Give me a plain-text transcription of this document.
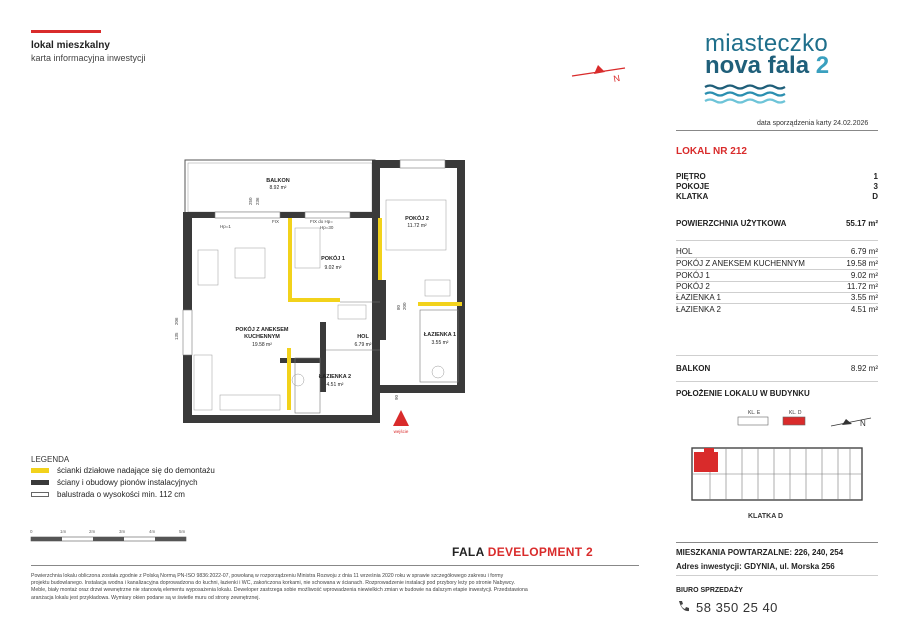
lokal mieszkalny
karta informacyjna inwestycji
N
miasteczko
nova fala 2
data sporządzenia karty 24.02.2026
LOKAL NR 212
PIĘTRO	1
POKOJE	3
KLATKA	D
POWIERZCHNIA UŻYTKOWA	55.17 m²
HOL	6.79 m²
POKÓJ Z ANEKSEM KUCHENNYM	19.58 m²
POKÓJ 1	9.02 m²
POKÓJ 2	11.72 m²
ŁAZIENKA 1	3.55 m²
ŁAZIENKA 2	4.51 m²
BALKON	8.92 m²
POŁOŻENIE LOKALU W BUDYNKU
N
KL. E	KL. D
KLATKA D
MIESZKANIA POWTARZALNE: 226, 240, 254
Adres inwestycji: GDYNIA, ul. Morska 256
BIURO SPRZEDAŻY
58 350 25 40
BALKON
8.92 m²
POKÓJ 1
9.02 m²
POKÓJ 2
11.72 m²
POKÓJ Z ANEKSEM
KUCHENNYM
19.58 m²
HOL
6.79 m²
ŁAZIENKA 1
3.55 m²
ŁAZIENKA 2
4.51 m²
FIX	FIX do Hp=
Hp=1	Hp=30
250 236
135
206
80 200
90
wejście
LEGENDA
ścianki działowe nadające się do demontażu
ściany i obudowy pionów instalacyjnych
balustrada o wysokości min. 112 cm
0	1m	2m	3m	4m	5m
FALA DEVELOPMENT 2
Powierzchnia lokalu obliczona została zgodnie z Polską Normą PN-ISO 9836:2022-07, powołaną w rozporządzeniu Ministra Rozwoju z dnia 11 września 2020 roku w sprawie szczegółowego zakresu i formy
projektu budowlanego. Instalacja wodna i kanalizacyjna doprowadzona do kuchni, łazienki i WC, zakończona korkami, nie schowana w ścianach. Rozprowadzenie instalacji pod przybory leży po stronie Nabywcy.
Meble, biały montaż oraz drzwi wewnętrzne nie stanowią elementu wyposażenia lokalu. Deweloper zastrzega sobie możliwość wprowadzenia niewielkich zmian w budowie na dalszym etapie inwestycji. Przedstawiona
aranżacja lokalu jest przykładowa. Wymiary okien podane są w świetle muru od strony zewnętrznej.
